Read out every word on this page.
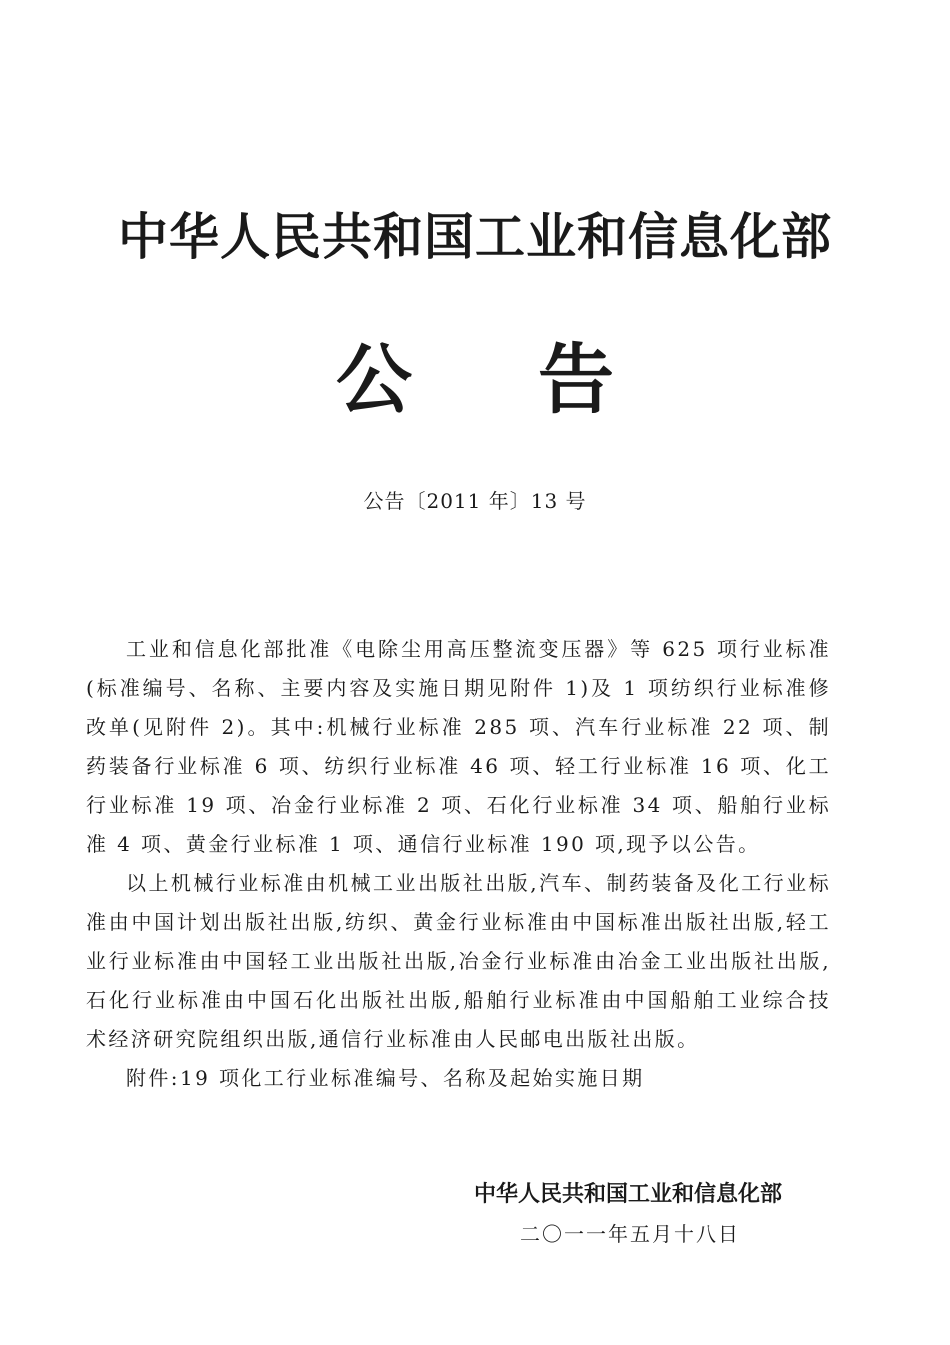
中华人民共和国工业和信息化部
公 告
公告〔2011 年〕13 号

工业和信息化部批准《电除尘用高压整流变压器》等 625 项行业标准(标准编号、名称、主要内容及实施日期见附件 1)及 1 项纺织行业标准修改单(见附件 2)。其中:机械行业标准 285 项、汽车行业标准 22 项、制药装备行业标准 6 项、纺织行业标准 46 项、轻工行业标准 16 项、化工行业标准 19 项、冶金行业标准 2 项、石化行业标准 34 项、船舶行业标准 4 项、黄金行业标准 1 项、通信行业标准 190 项,现予以公告。

以上机械行业标准由机械工业出版社出版,汽车、制药装备及化工行业标准由中国计划出版社出版,纺织、黄金行业标准由中国标准出版社出版,轻工业行业标准由中国轻工业出版社出版,冶金行业标准由冶金工业出版社出版,石化行业标准由中国石化出版社出版,船舶行业标准由中国船舶工业综合技术经济研究院组织出版,通信行业标准由人民邮电出版社出版。

附件:19 项化工行业标准编号、名称及起始实施日期

中华人民共和国工业和信息化部
二〇一一年五月十八日
